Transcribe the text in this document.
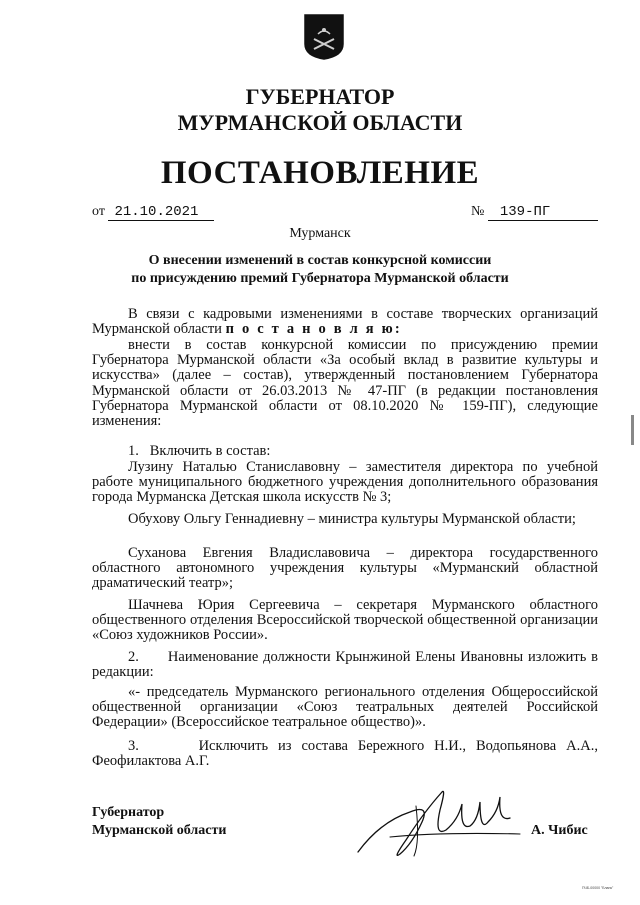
ГУБЕРНАТОР
МУРМАНСКОЙ ОБЛАСТИ
ПОСТАНОВЛЕНИЕ
от 21.10.2021	№ 139-ПГ
Мурманск
О внесении изменений в состав конкурсной комиссии
по присуждению премий Губернатора Мурманской области
В связи с кадровыми изменениями в составе творческих организаций Мурманской области п о с т а н о в л я ю:
внести в состав конкурсной комиссии по присуждению премии Губернатора Мурманской области «За особый вклад в развитие культуры и искусства» (далее – состав), утвержденный постановлением Губернатора Мурманской области от 26.03.2013 № 47-ПГ (в редакции постановления Губернатора Мурманской области от 08.10.2020 № 159-ПГ), следующие изменения:
1.   Включить в состав:
Лузину Наталью Станиславовну – заместителя директора по учебной работе муниципального бюджетного учреждения дополнительного образования города Мурманска Детская школа искусств № 3;
Обухову Ольгу Геннадиевну – министра культуры Мурманской области;
Суханова Евгения Владиславовича – директора государственного областного автономного учреждения культуры «Мурманский областной драматический театр»;
Шачнева Юрия Сергеевича – секретаря Мурманского областного общественного отделения Всероссийской творческой общественной организации «Союз художников России».
2.      Наименование должности Крынжиной Елены Ивановны изложить в редакции:
«- председатель Мурманского регионального отделения Общероссийской общественной организации «Союз театральных деятелей Российской Федерации» (Всероссийское театральное общество)».
3.      Исключить из состава Бережного Н.И., Водопьянова А.А., Феофилактова А.Г.
Губернатор
Мурманской области	А. Чибис
ПЧБ-00000 "Бланк"
